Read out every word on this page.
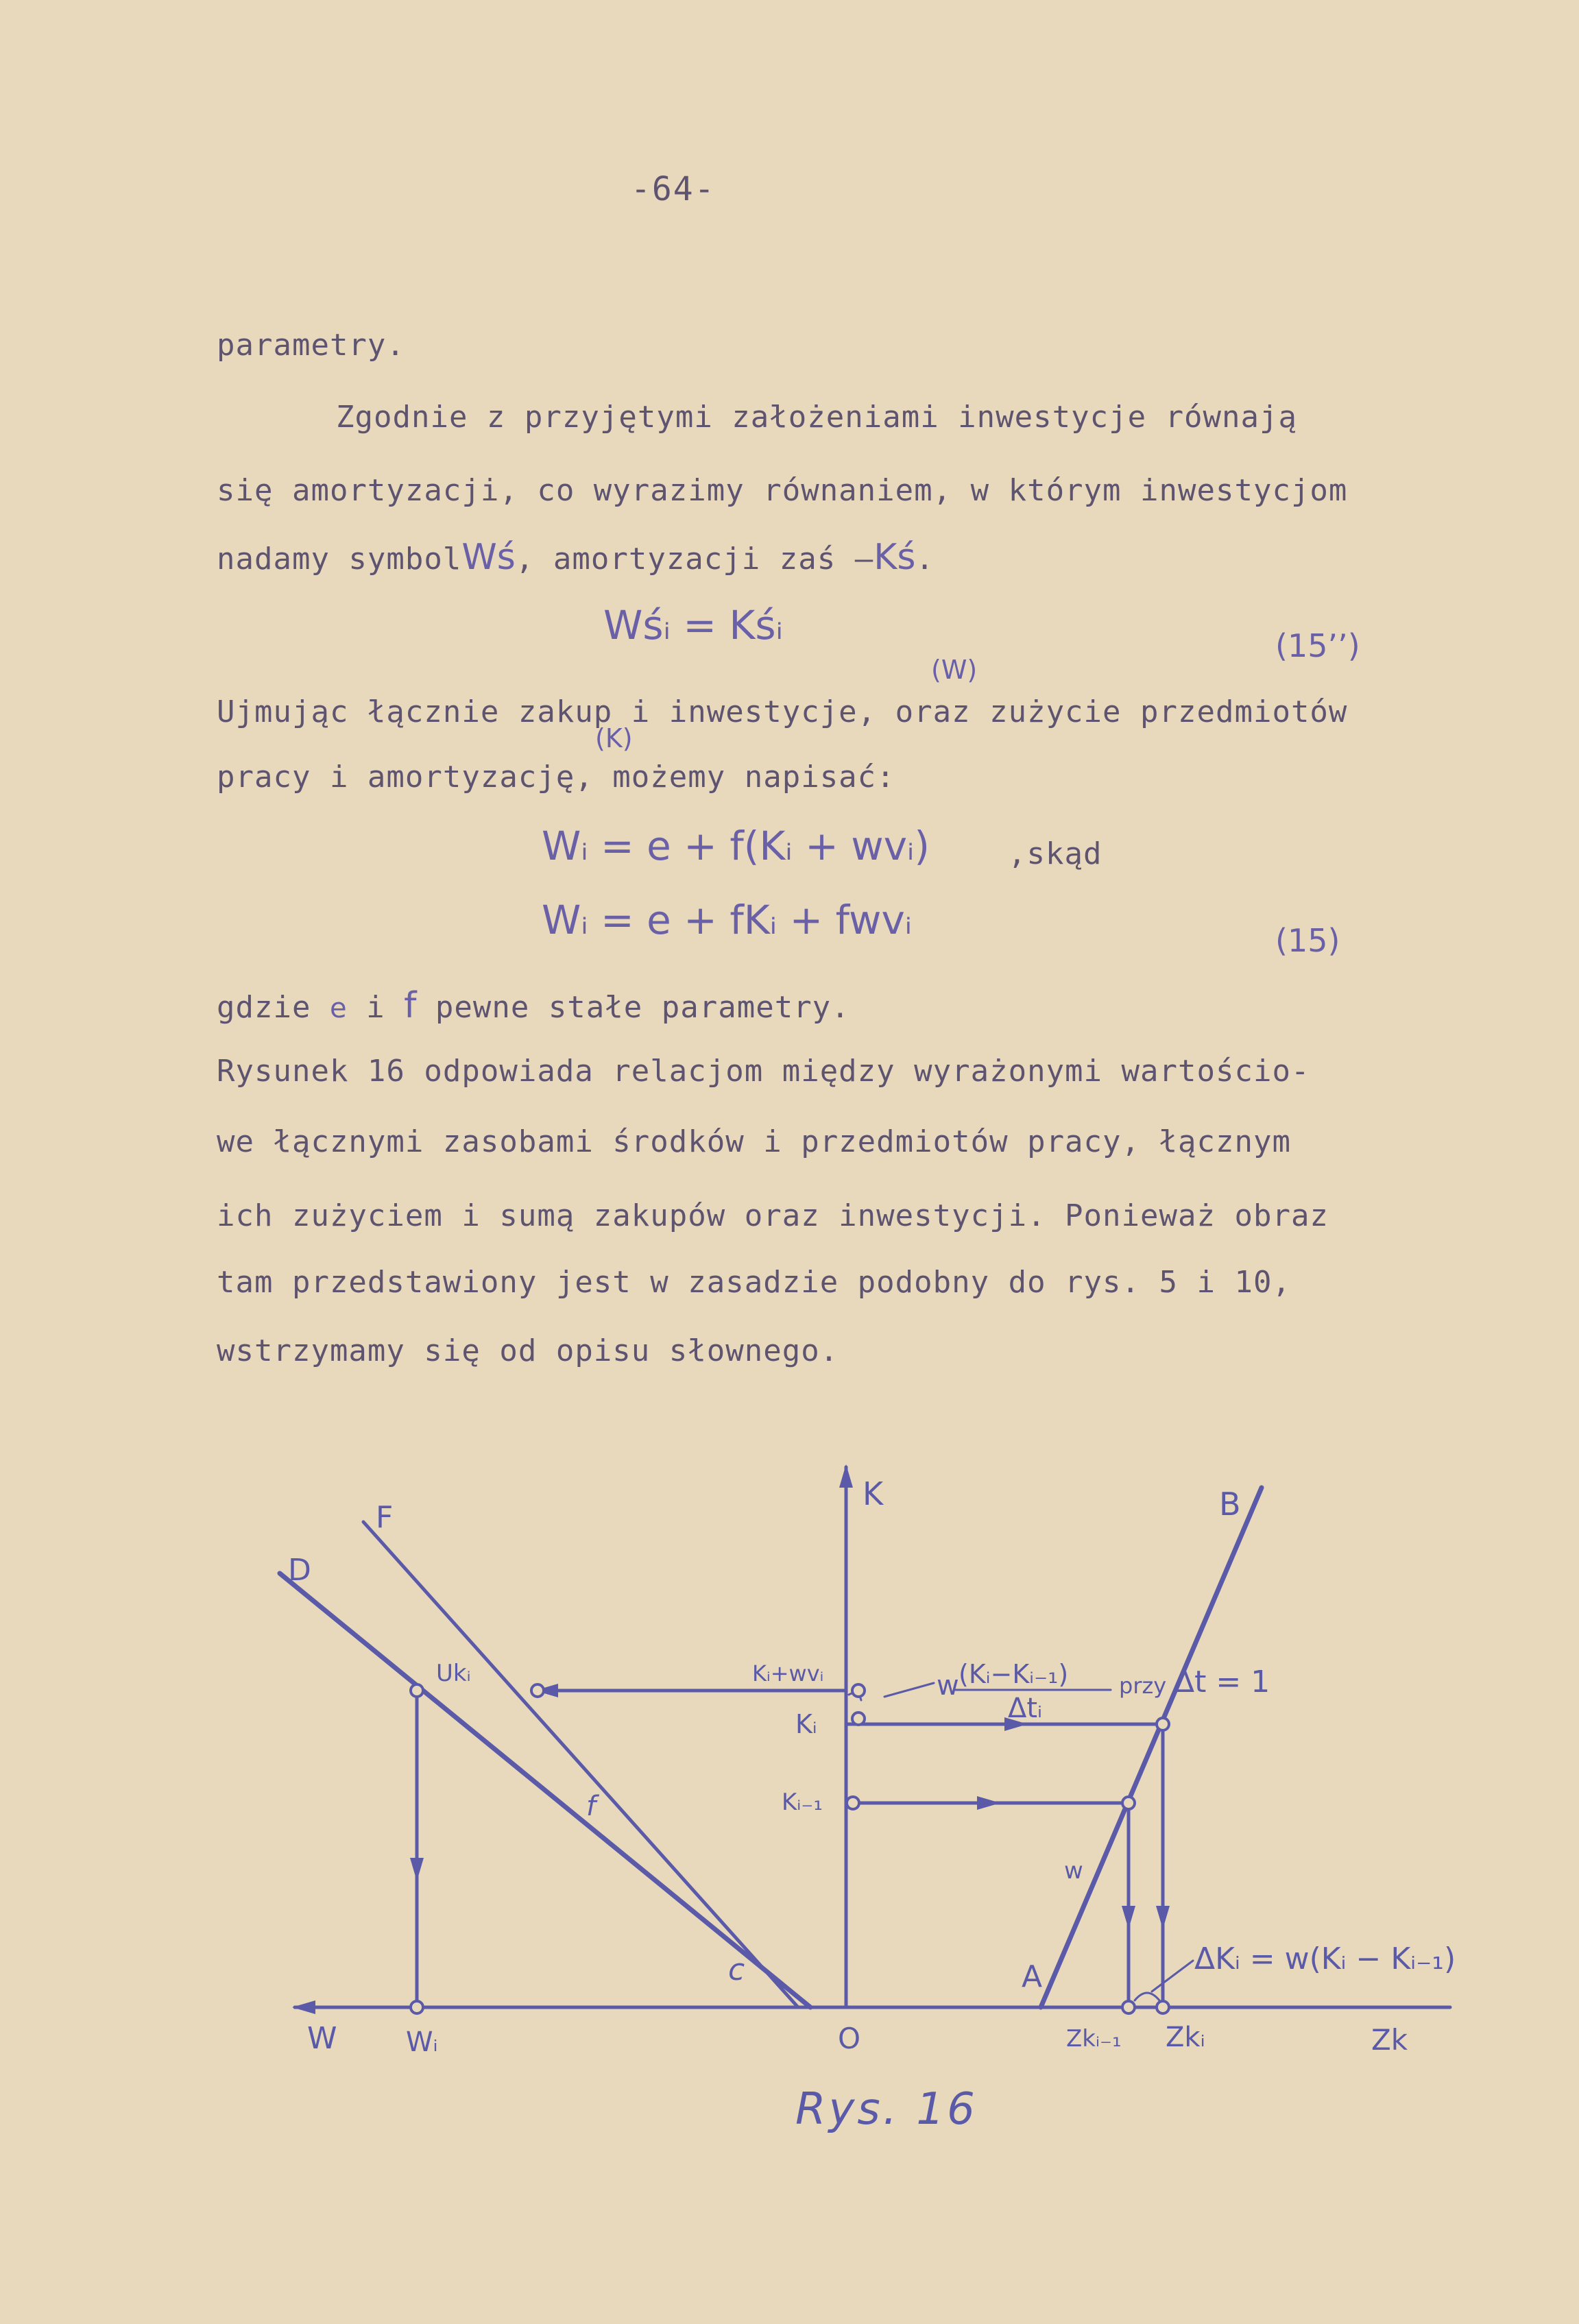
-64-
parametry.
Zgodnie z przyjętymi założeniami inwestycje równają
się amortyzacji, co wyrazimy równaniem, w którym inwestycjom
nadamy symbolWś, amortyzacji zaś –Kś.
Wśᵢ = Kśᵢ	(15’’)
(W)
Ujmując łącznie zakup i inwestycje, oraz zużycie przedmiotów
(K)
pracy i amortyzację, możemy napisać:
Wᵢ = e + f(Kᵢ + wvᵢ)	,skąd
Wᵢ = e + fKᵢ + fwvᵢ	(15)
gdzie e i f pewne stałe parametry.
Rysunek 16 odpowiada relacjom między wyrażonymi wartościo-
we łącznymi zasobami środków i przedmiotów pracy, łącznym
ich zużyciem i sumą zakupów oraz inwestycji. Ponieważ obraz
tam przedstawiony jest w zasadzie podobny do rys. 5 i 10,
wstrzymamy się od opisu słownego.
K	B
F
D
Ukᵢ	Kᵢ+wvᵢ
Kᵢ
Kᵢ₋₁
f
w
c	A
O
W	Wᵢ	Zkᵢ₋₁ Zkᵢ	Zk
w (Kᵢ−Kᵢ₋₁)
Δtᵢ
przy Δt = 1
ΔKᵢ = w(Kᵢ − Kᵢ₋₁)
Rys. 16
